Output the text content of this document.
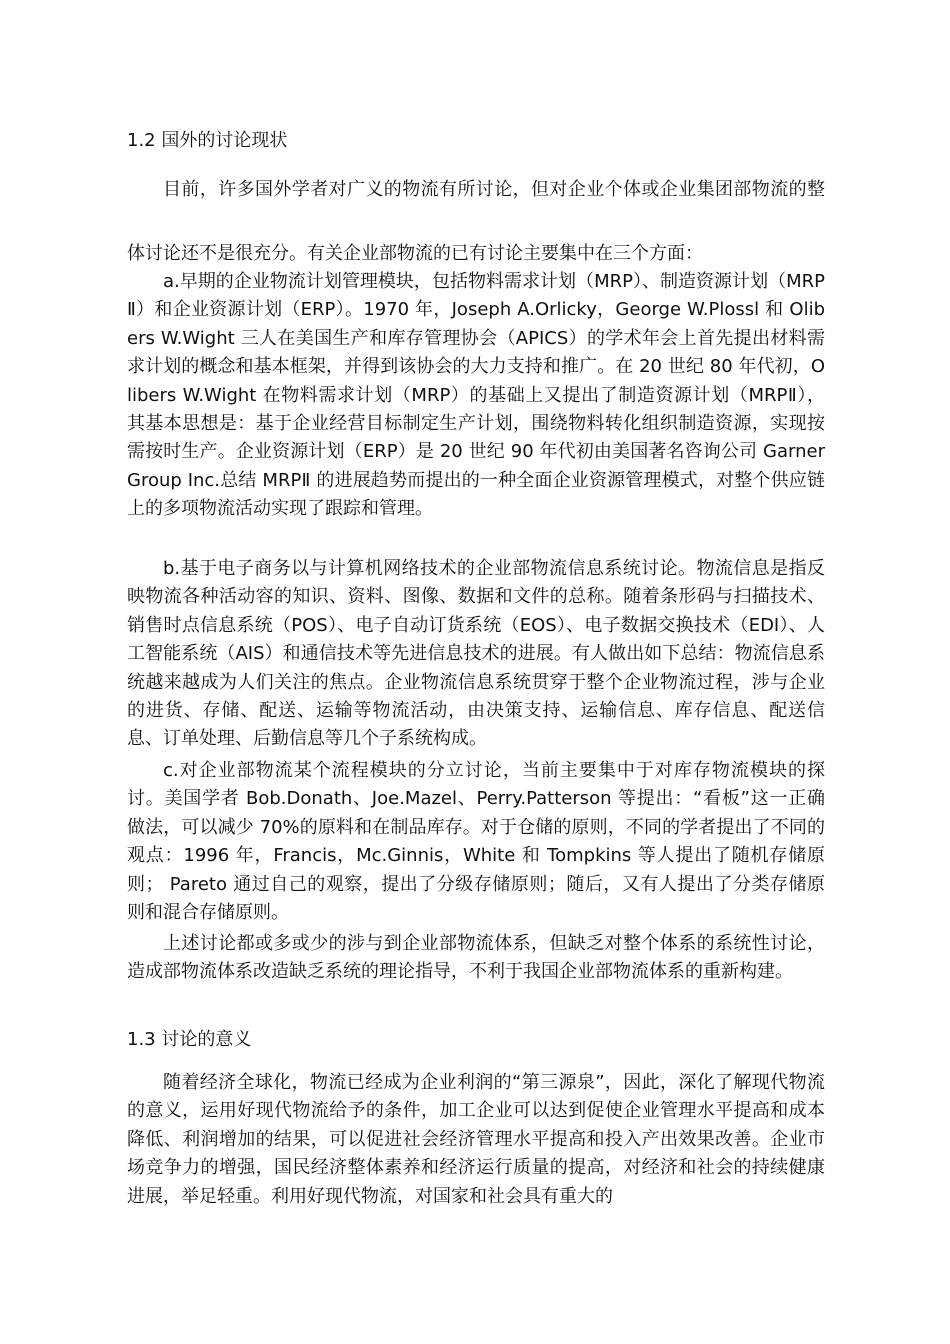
1.2 国外的讨论现状

目前，许多国外学者对广义的物流有所讨论，但对企业个体或企业集团部物流的整体讨论还不是很充分。有关企业部物流的已有讨论主要集中在三个方面：

a.早期的企业物流计划管理模块，包括物料需求计划（MRP）、制造资源计划（MRPⅡ）和企业资源计划（ERP）。1970 年，Joseph A.Orlicky，George W.Plossl 和 Olibers W.Wight 三人在美国生产和库存管理协会（APICS）的学术年会上首先提出材料需求计划的概念和基本框架，并得到该协会的大力支持和推广。在 20 世纪 80 年代初，Olibers W.Wight 在物料需求计划（MRP）的基础上又提出了制造资源计划（MRPⅡ），其基本思想是：基于企业经营目标制定生产计划，围绕物料转化组织制造资源，实现按需按时生产。企业资源计划（ERP）是 20 世纪 90 年代初由美国著名咨询公司 Garner Group Inc.总结 MRPⅡ 的进展趋势而提出的一种全面企业资源管理模式，对整个供应链上的多项物流活动实现了跟踪和管理。

b.基于电子商务以与计算机网络技术的企业部物流信息系统讨论。物流信息是指反映物流各种活动容的知识、资料、图像、数据和文件的总称。随着条形码与扫描技术、销售时点信息系统（POS）、电子自动订货系统（EOS）、电子数据交换技术（EDI）、人工智能系统（AIS）和通信技术等先进信息技术的进展。有人做出如下总结：物流信息系统越来越成为人们关注的焦点。企业物流信息系统贯穿于整个企业物流过程，涉与企业的进货、存储、配送、运输等物流活动，由决策支持、运输信息、库存信息、配送信息、订单处理、后勤信息等几个子系统构成。

c.对企业部物流某个流程模块的分立讨论，当前主要集中于对库存物流模块的探讨。美国学者 Bob.Donath、Joe.Mazel、Perry.Patterson 等提出：“看板”这一正确做法，可以减少 70%的原料和在制品库存。对于仓储的原则，不同的学者提出了不同的观点：1996 年，Francis，Mc.Ginnis，White 和 Tompkins 等人提出了随机存储原则； Pareto 通过自己的观察，提出了分级存储原则；随后，又有人提出了分类存储原则和混合存储原则。

上述讨论都或多或少的涉与到企业部物流体系，但缺乏对整个体系的系统性讨论，造成部物流体系改造缺乏系统的理论指导，不利于我国企业部物流体系的重新构建。

1.3 讨论的意义

随着经济全球化，物流已经成为企业利润的“第三源泉”，因此，深化了解现代物流的意义，运用好现代物流给予的条件，加工企业可以达到促使企业管理水平提高和成本降低、利润增加的结果，可以促进社会经济管理水平提高和投入产出效果改善。企业市场竞争力的增强，国民经济整体素养和经济运行质量的提高，对经济和社会的持续健康进展，举足轻重。利用好现代物流，对国家和社会具有重大的
